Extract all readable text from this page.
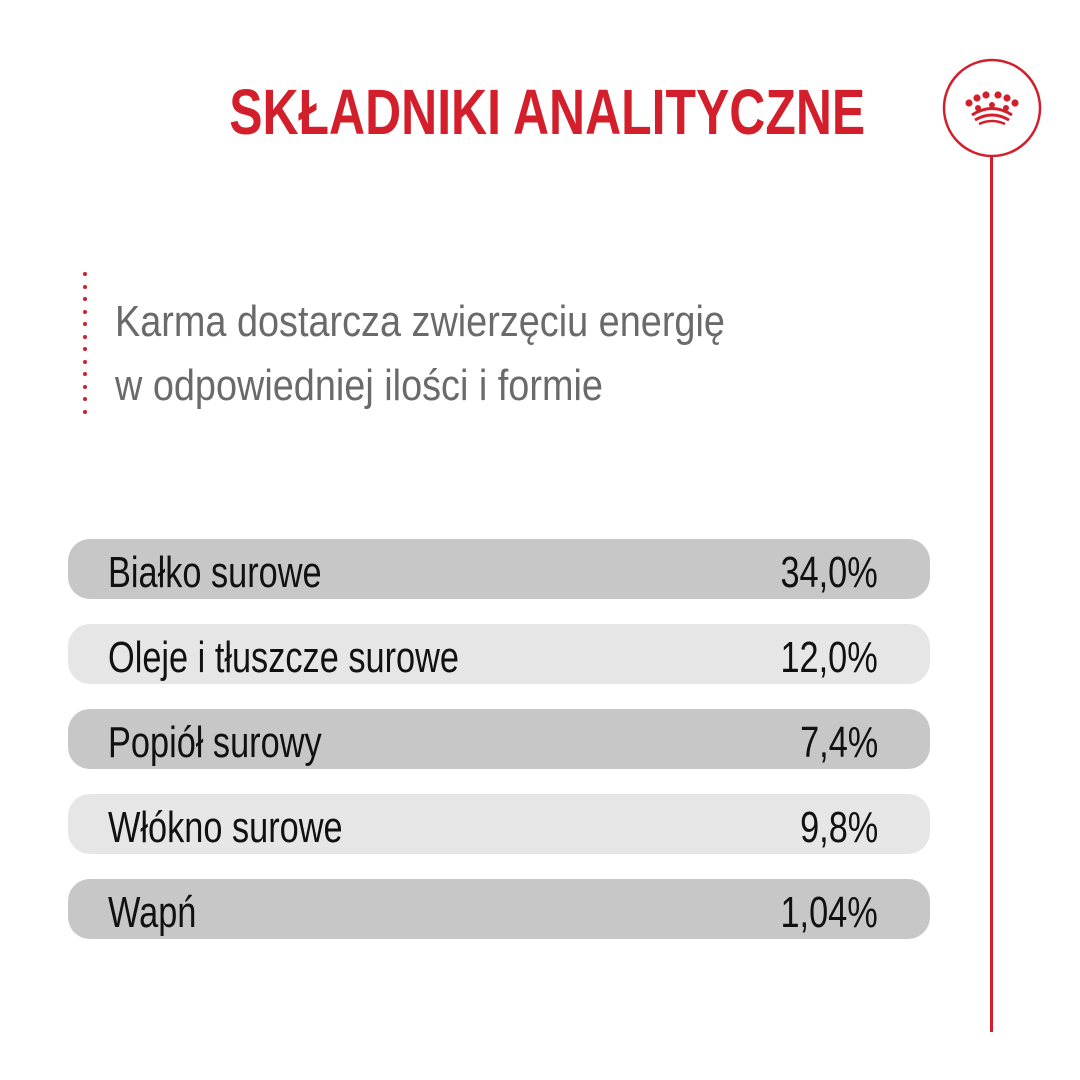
SKŁADNIKI ANALITYCZNE

Karma dostarcza zwierzęciu energię
w odpowiedniej ilości i formie

Białko surowe	34,0%
Oleje i tłuszcze surowe	12,0%
Popiół surowy	7,4%
Włókno surowe	9,8%
Wapń	1,04%
